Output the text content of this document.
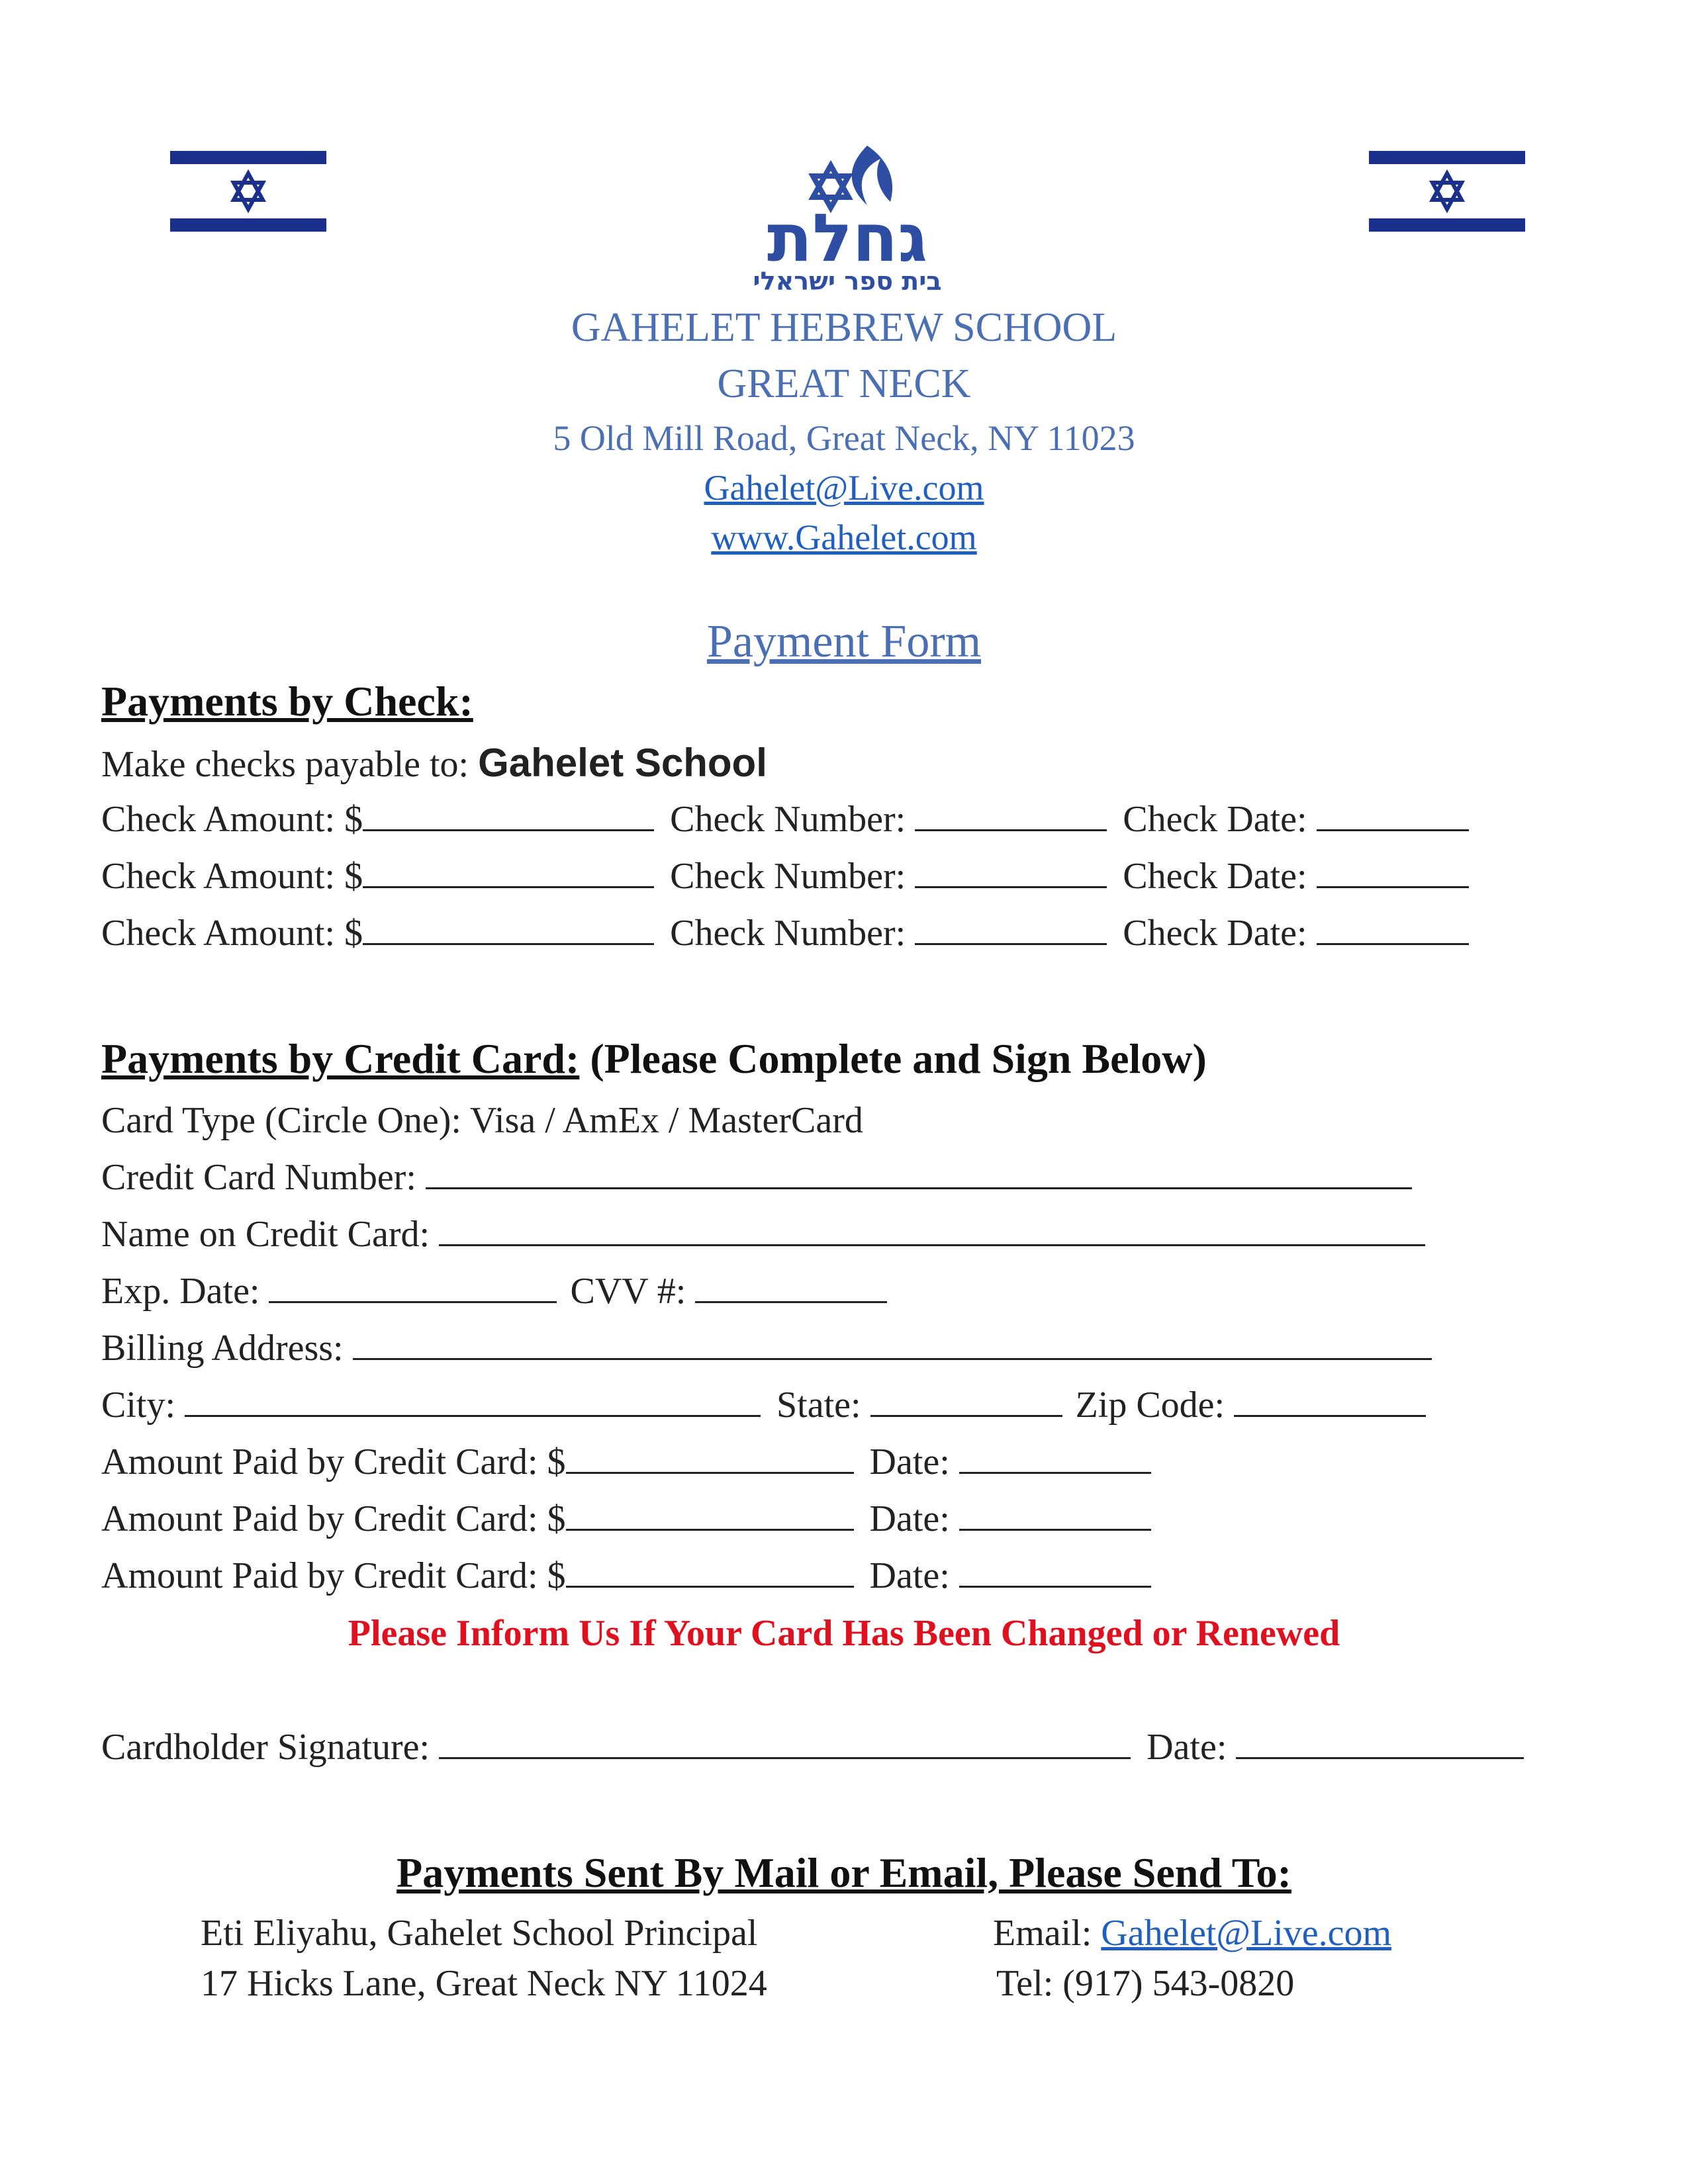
גחלת
בית ספר ישראלי
GAHELET HEBREW SCHOOL
GREAT NECK
5 Old Mill Road, Great Neck, NY 11023
Gahelet@Live.com
www.Gahelet.com
Payment Form
Payments by Check:
Make checks payable to: Gahelet School
Check Amount: $	Check Number:	Check Date:
Check Amount: $	Check Number:	Check Date:
Check Amount: $	Check Number:	Check Date:
Payments by Credit Card: (Please Complete and Sign Below)
Card Type (Circle One): Visa / AmEx / MasterCard
Credit Card Number:
Name on Credit Card:
Exp. Date:	CVV #:
Billing Address:
City:	State:	Zip Code:
Amount Paid by Credit Card: $	Date:
Amount Paid by Credit Card: $	Date:
Amount Paid by Credit Card: $	Date:
Please Inform Us If Your Card Has Been Changed or Renewed
Cardholder Signature:	Date:
Payments Sent By Mail or Email, Please Send To:
Eti Eliyahu, Gahelet School Principal
17 Hicks Lane, Great Neck NY 11024
Email: Gahelet@Live.com
Tel: (917) 543-0820
